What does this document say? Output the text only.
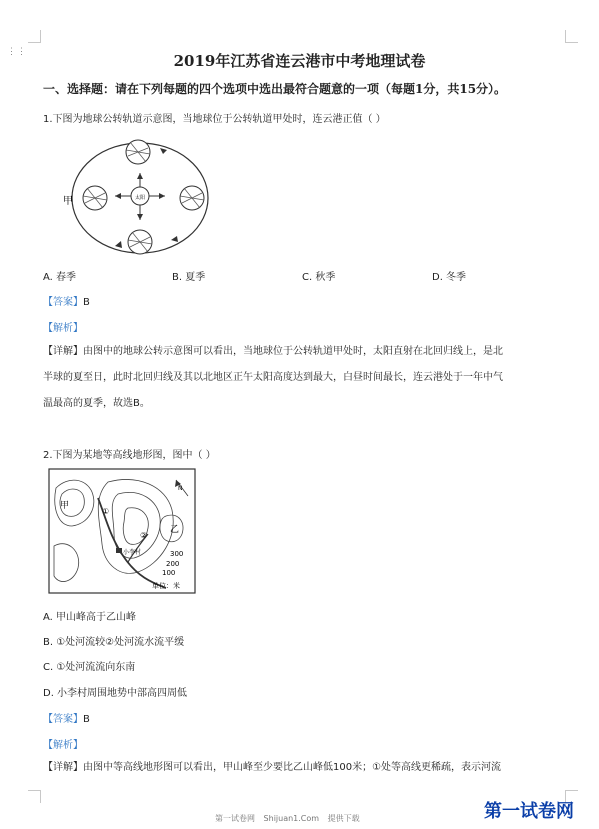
⋮⋮	2019年江苏省连云港市中考地理试卷
一、选择题：请在下列每题的四个选项中选出最符合题意的一项（每题1分，共15分）。
1.下图为地球公转轨道示意图，当地球位于公转轨道甲处时，连云港正值（ ）
太阳
甲
A. 春季	B. 夏季	C. 秋季	D. 冬季
【答案】B
【解析】
【详解】由图中的地球公转示意图可以看出，当地球位于公转轨道甲处时，太阳直射在北回归线上，是北
半球的夏至日，此时北回归线及其以北地区正午太阳高度达到最大，白昼时间最长，连云港处于一年中气
温最高的夏季，故选B。
2.下图为某地等高线地形图，图中（ ）
N
甲
乙
①
②
小李村	300
200
100
单位：米
A. 甲山峰高于乙山峰
B. ①处河流较②处河流水流平缓
C. ①处河流流向东南
D. 小李村周围地势中部高四周低
【答案】B
【解析】
【详解】由图中等高线地形图可以看出，甲山峰至少要比乙山峰低100米；①处等高线更稀疏，表示河流
第一试卷网 Shijuan1.Com 提供下载	第一试卷网
